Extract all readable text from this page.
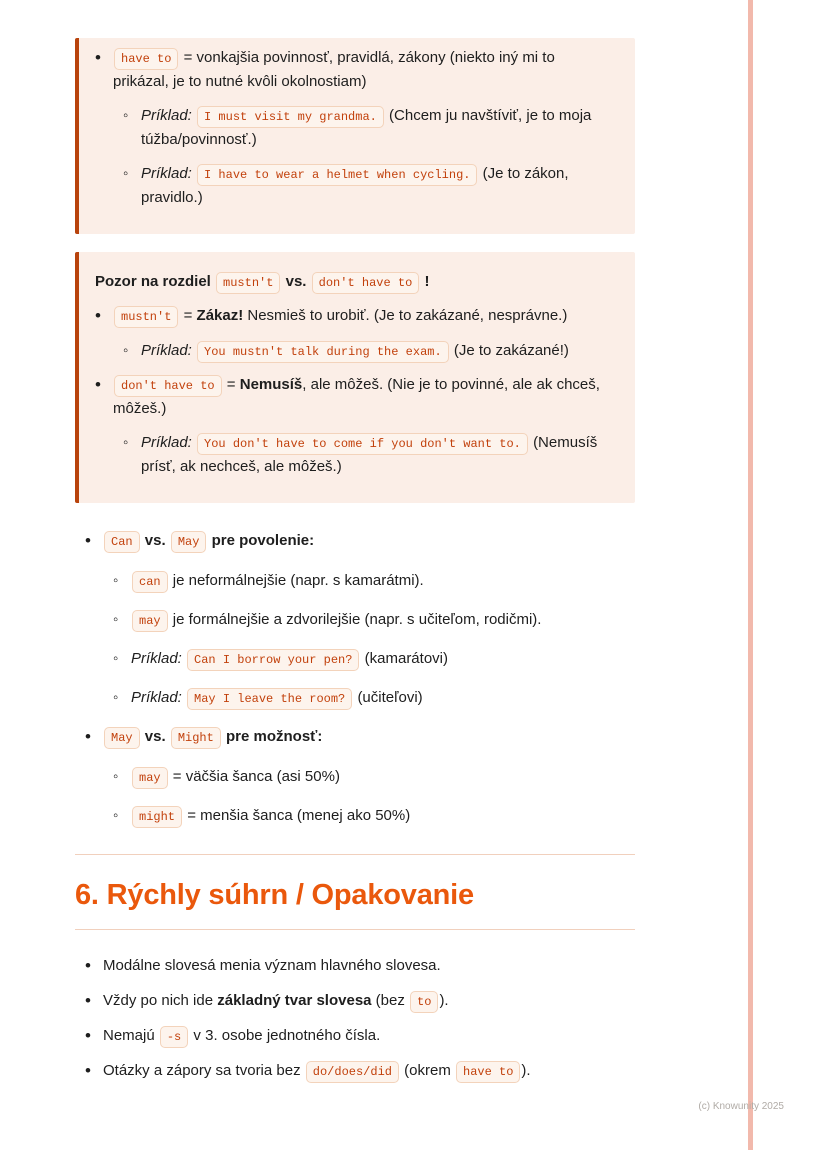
•

have to = vonkajšia povinnosť, pravidlá, zákony (niekto iný mi to prikázal, je to nutné kvôli okolnostiam)

◦

Príklad: I must visit my grandma. (Chcem ju navštíviť, je to moja túžba/povinnosť.)

◦

Príklad: I have to wear a helmet when cycling. (Je to zákon, pravidlo.)

Pozor na rozdiel mustn't vs. don't have to !

•

mustn't = Zákaz! Nesmieš to urobiť. (Je to zakázané, nesprávne.)

◦

Príklad: You mustn't talk during the exam. (Je to zakázané!)

•

don't have to = Nemusíš, ale môžeš. (Nie je to povinné, ale ak chceš, môžeš.)

◦

Príklad: You don't have to come if you don't want to. (Nemusíš prísť, ak nechceš, ale môžeš.)

•

Can vs. May pre povolenie:

◦

can je neformálnejšie (napr. s kamarátmi).

◦

may je formálnejšie a zdvorilejšie (napr. s učiteľom, rodičmi).

◦

Príklad: Can I borrow your pen? (kamarátovi)

◦

Príklad: May I leave the room? (učiteľovi)

•

May vs. Might pre možnosť:

◦

may = väčšia šanca (asi 50%)

◦

might = menšia šanca (menej ako 50%)

6. Rýchly súhrn / Opakovanie
•

Modálne slovesá menia význam hlavného slovesa.

•

Vždy po nich ide základný tvar slovesa (bez to ).

•

Nemajú -s v 3. osobe jednotného čísla.

•

Otázky a zápory sa tvoria bez do/does/did (okrem have to ).

(c) Knowunity 2025
